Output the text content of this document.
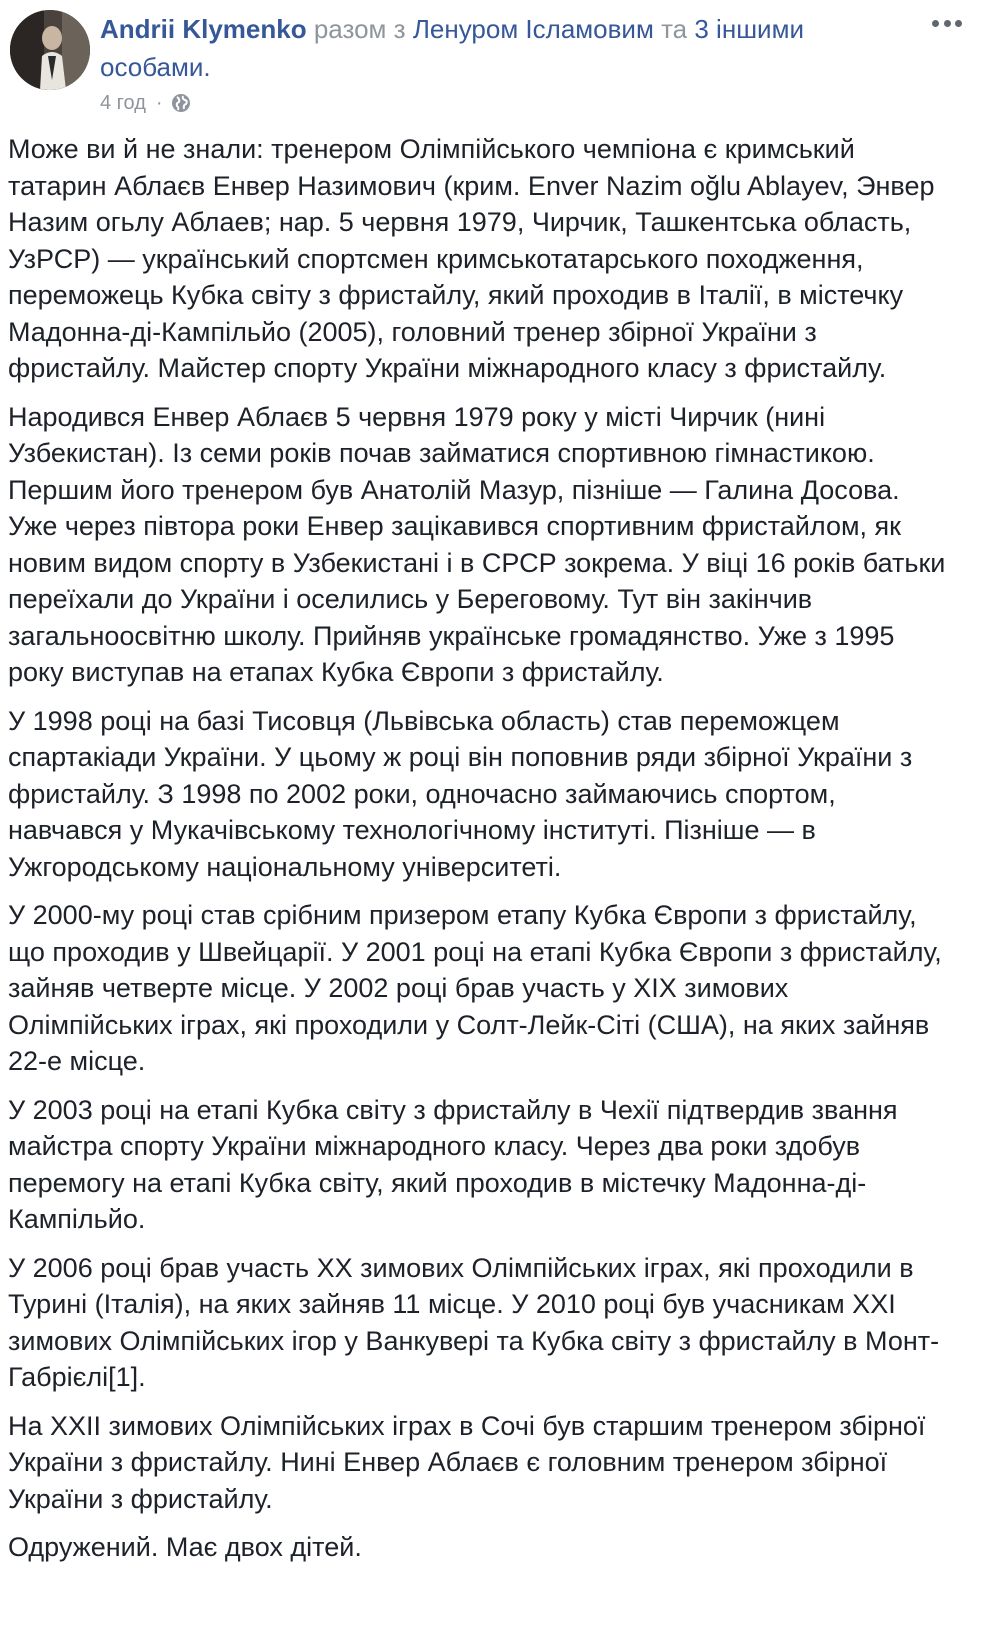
Andrii Klymenko разом з Ленуром Ісламовим та 3 іншими особами.
4 год ·

Може ви й не знали: тренером Олімпійського чемпіона є кримський татарин Аблаєв Енвер Назимович (крим. Enver Nazim oğlu Ablayev, Энвер Назим огьлу Аблаев; нар. 5 червня 1979, Чирчик, Ташкентська область, УзРСР) — український спортсмен кримськотатарського походження, переможець Кубка світу з фристайлу, який проходив в Італії, в містечку Мадонна-ді-Кампільйо (2005), головний тренер збірної України з фристайлу. Майстер спорту України міжнародного класу з фристайлу.

Народився Енвер Аблаєв 5 червня 1979 року у місті Чирчик (нині Узбекистан). Із семи років почав займатися спортивною гімнастикою. Першим його тренером був Анатолій Мазур, пізніше — Галина Досова. Уже через півтора роки Енвер зацікавився спортивним фристайлом, як новим видом спорту в Узбекистані і в СРСР зокрема. У віці 16 років батьки переїхали до України і оселились у Береговому. Тут він закінчив загальноосвітню школу. Прийняв українське громадянство. Уже з 1995 року виступав на етапах Кубка Європи з фристайлу.

У 1998 році на базі Тисовця (Львівська область) став переможцем спартакіади України. У цьому ж році він поповнив ряди збірної України з фристайлу. З 1998 по 2002 роки, одночасно займаючись спортом, навчався у Мукачівському технологічному інституті. Пізніше — в Ужгородському національному університеті.

У 2000-му році став срібним призером етапу Кубка Європи з фристайлу, що проходив у Швейцарії. У 2001 році на етапі Кубка Європи з фристайлу, зайняв четверте місце. У 2002 році брав участь у XIX зимових Олімпійських іграх, які проходили у Солт-Лейк-Сіті (США), на яких зайняв 22-е місце.

У 2003 році на етапі Кубка світу з фристайлу в Чехії підтвердив звання майстра спорту України міжнародного класу. Через два роки здобув перемогу на етапі Кубка світу, який проходив в містечку Мадонна-ді-Кампільйо.

У 2006 році брав участь XX зимових Олімпійських іграх, які проходили в Турині (Італія), на яких зайняв 11 місце. У 2010 році був учасникам XXI зимових Олімпійських ігор у Ванкувері та Кубка світу з фристайлу в Монт-Габрієлі[1].

На XXII зимових Олімпійських іграх в Сочі був старшим тренером збірної України з фристайлу. Нині Енвер Аблаєв є головним тренером збірної України з фристайлу.

Одружений. Має двох дітей.
